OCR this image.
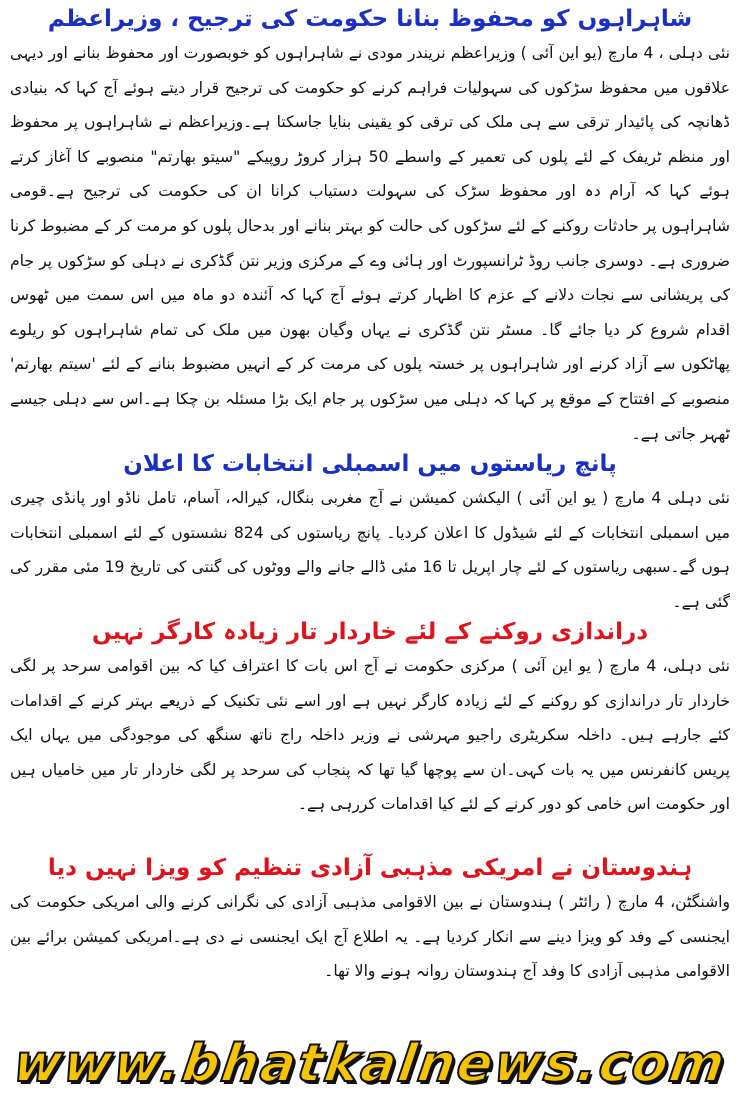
شاہراہوں کو محفوظ بنانا حکومت کی ترجیح ، وزیراعظم

نئی دہلی ، 4 مارچ (یو این آئی ) وزیراعظم نریندر مودی نے شاہراہوں کو خوبصورت اور محفوظ بنانے اور دیہی علاقوں میں محفوظ سڑکوں کی سہولیات فراہم کرنے کو حکومت کی ترجیح قرار دیتے ہوئے آج کہا کہ بنیادی ڈھانچہ کی پائیدار ترقی سے ہی ملک کی ترقی کو یقینی بنایا جاسکتا ہے۔وزیراعظم نے شاہراہوں پر محفوظ اور منظم ٹریفک کے لئے پلوں کی تعمیر کے واسطے 50 ہزار کروڑ روپیکے "سیتو بھارتم" منصوبے کا آغاز کرتے ہوئے کہا کہ آرام دہ اور محفوظ سڑک کی سہولت دستیاب کرانا ان کی حکومت کی ترجیح ہے۔قومی شاہراہوں پر حادثات روکنے کے لئے سڑکوں کی حالت کو بہتر بنانے اور بدحال پلوں کو مرمت کر کے مضبوط کرنا ضروری ہے۔ دوسری جانب روڈ ٹرانسپورٹ اور ہائی وے کے مرکزی وزیر نتن گڈکری نے دہلی کو سڑکوں پر جام کی پریشانی سے نجات دلانے کے عزم کا اظہار کرتے ہوئے آج کہا کہ آئندہ دو ماہ میں اس سمت میں ٹھوس اقدام شروع کر دیا جائے گا۔ مسٹر نتن گڈکری نے یہاں وگیان بھون میں ملک کی تمام شاہراہوں کو ریلوے پھاٹکوں سے آزاد کرنے اور شاہراہوں پر خستہ پلوں کی مرمت کر کے انہیں مضبوط بنانے کے لئے 'سیتم بھارتم' منصوبے کے افتتاح کے موقع پر کہا کہ دہلی میں سڑکوں پر جام ایک بڑا مسئلہ بن چکا ہے۔اس سے دہلی جیسے ٹھہر جاتی ہے۔

پانچ ریاستوں میں اسمبلی انتخابات کا اعلان

نئی دہلی 4 مارچ ( یو این آئی ) الیکشن کمیشن نے آج مغربی بنگال، کیرالہ، آسام، تامل ناڈو اور پانڈی چیری میں اسمبلی انتخابات کے لئے شیڈول کا اعلان کردیا۔ پانچ ریاستوں کی 824 نشستوں کے لئے اسمبلی انتخابات ہوں گے۔سبھی ریاستوں کے لئے چار اپریل تا 16 مئی ڈالے جانے والے ووٹوں کی گنتی کی تاریخ 19 مئی مقرر کی گئی ہے۔

دراندازی روکنے کے لئے خاردار تار زیادہ کارگر نہیں

نئی دہلی، 4 مارچ ( یو این آئی ) مرکزی حکومت نے آج اس بات کا اعتراف کیا کہ بین اقوامی سرحد پر لگی خاردار تار دراندازی کو روکنے کے لئے زیادہ کارگر نہیں ہے اور اسے نئی تکنیک کے ذریعے بہتر کرنے کے اقدامات کئے جارہے ہیں۔ داخلہ سکریٹری راجیو مہرشی نے وزیر داخلہ راج ناتھ سنگھ کی موجودگی میں یہاں ایک پریس کانفرنس میں یہ بات کہی۔ان سے پوچھا گیا تھا کہ پنجاب کی سرحد پر لگی خاردار تار میں خامیاں ہیں اور حکومت اس خامی کو دور کرنے کے لئے کیا اقدامات کررہی ہے۔

ہندوستان نے امریکی مذہبی آزادی تنظیم کو ویزا نہیں دیا

واشنگٹن، 4 مارچ ( رائٹر ) ہندوستان نے بین الاقوامی مذہبی آزادی کی نگرانی کرنے والی امریکی حکومت کی ایجنسی کے وفد کو ویزا دینے سے انکار کردیا ہے۔ یہ اطلاع آج ایک ایجنسی نے دی ہے۔امریکی کمیشن برائے بین الاقوامی مذہبی آزادی کا وفد آج ہندوستان روانہ ہونے والا تھا۔

www.bhatkalnews.com
